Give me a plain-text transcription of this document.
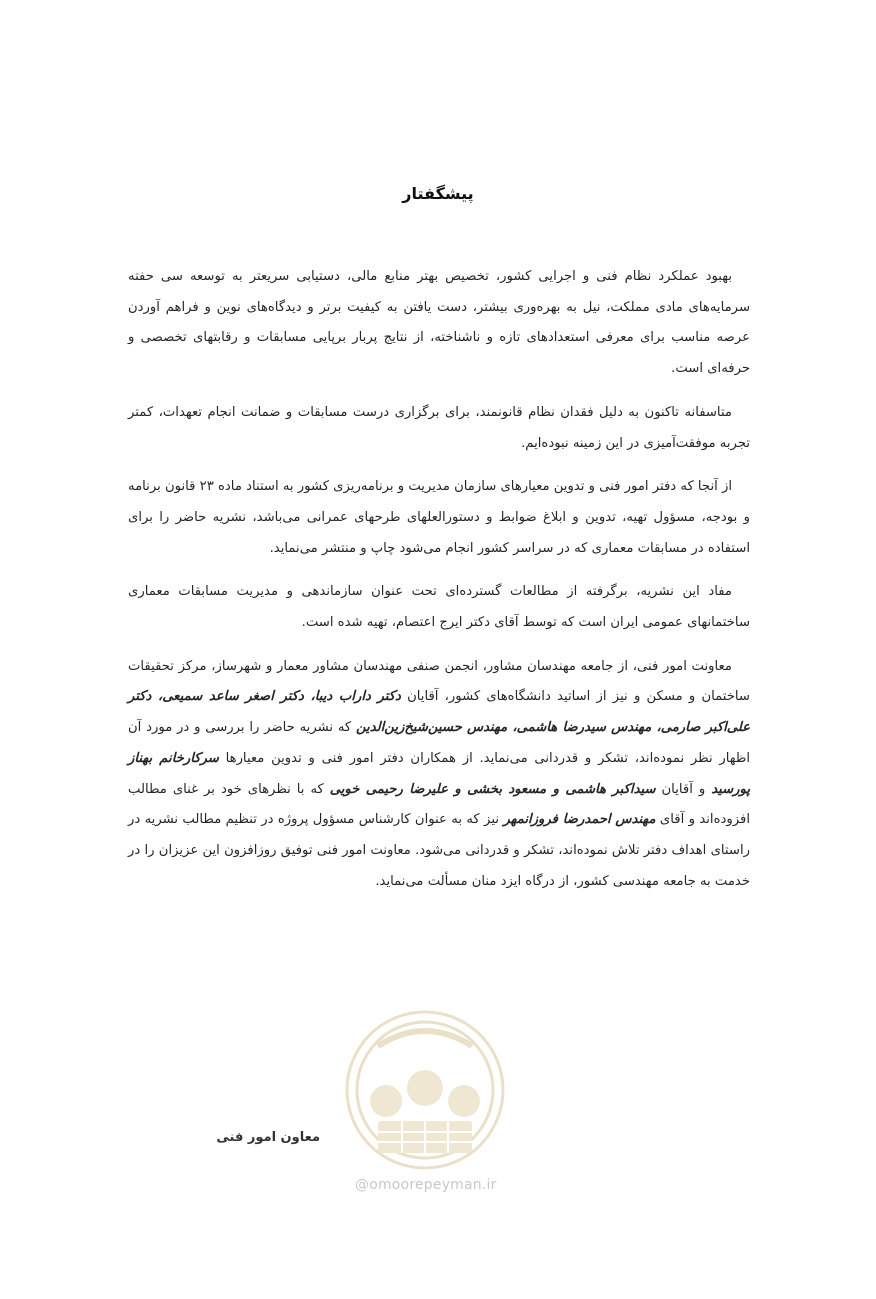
پیشگفتار

بهبود عملکرد نظام فنی و اجرایی کشور، تخصیص بهتر منابع مالی، دستیابی سریعتر به توسعه سی حفته سرمایه‌های مادی مملکت، نیل به بهره‌وری بیشتر، دست یافتن به کیفیت برتر و دیدگاه‌های نوین و فراهم آوردن عرصه مناسب برای معرفی استعدادهای تازه و ناشناخته، از نتایج پربار برپایی مسابقات و رقابتهای تخصصی و حرفه‌ای است.

متاسفانه تاکنون به دلیل فقدان نظام قانونمند، برای برگزاری درست مسابقات و ضمانت انجام تعهدات، کمتر تجربه موفقت‌آمیزی در این زمینه نبوده‌ایم.

از آنجا که دفتر امور فنی و تدوین معیارهای سازمان مدیریت و برنامه‌ریزی کشور به استناد ماده ۲۳ قانون برنامه و بودجه، مسؤول تهیه، تدوین و ابلاغ ضوابط و دستورالعلهای طرحهای عمرانی می‌باشد، نشریه حاضر را برای استفاده در مسابقات معماری که در سراسر کشور انجام می‌شود چاپ و منتشر می‌نماید.

مفاد این نشریه، برگرفته از مطالعات گسترده‌ای تحت عنوان سازماندهی و مدیریت مسابقات معماری ساختمانهای عمومی ایران است که توسط آقای دکتر ایرج اعتصام، تهیه شده است.

معاونت امور فنی، از جامعه مهندسان مشاور، انجمن صنفی مهندسان مشاور معمار و شهرساز، مرکز تحقیقات ساختمان و مسکن و نیز از اساتید دانشگاه‌های کشور، آقایان دکتر داراب دیبا، دکتر اصغر ساعد سمیعی، دکتر علی‌اکبر صارمی، مهندس سیدرضا هاشمی، مهندس حسین‌شیخ‌زین‌الدین که نشریه حاضر را بررسی و در مورد آن اظهار نظر نموده‌اند، تشکر و قدردانی می‌نماید. از همکاران دفتر امور فنی و تدوین معیارها سرکارخانم بهناز پورسید و آقایان سیداکبر هاشمی و مسعود بخشی و علیرضا رحیمی خویی که با نظرهای خود بر غنای مطالب افزوده‌اند و آقای مهندس احمدرضا فروزانمهر نیز که به عنوان کارشناس مسؤول پروژه در تنظیم مطالب نشریه در راستای اهداف دفتر تلاش نموده‌اند، تشکر و قدردانی می‌شود. معاونت امور فنی توفیق روزافزون این عزیزان را در خدمت به جامعه مهندسی کشور، از درگاه ایزد منان مسألت می‌نماید.

@omoorepeyman.ir
معاون امور فنی
